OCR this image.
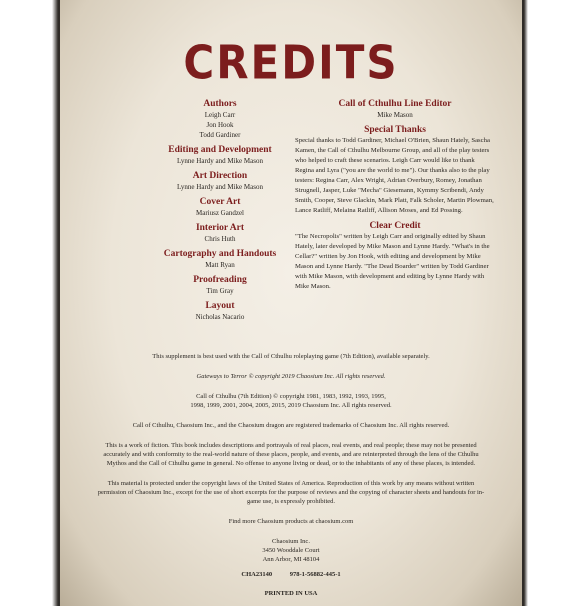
CREDITS
Authors
Leigh Carr
Jon Hook
Todd Gardiner
Editing and Development
Lynne Hardy and Mike Mason
Art Direction
Lynne Hardy and Mike Mason
Cover Art
Mariusz Gandzel
Interior Art
Chris Huth
Cartography and Handouts
Matt Ryan
Proofreading
Tim Gray
Layout
Nicholas Nacario
Call of Cthulhu Line Editor
Mike Mason
Special Thanks
Special thanks to Todd Gardiner, Michael O'Brien, Shaun Hately, Sascha Kamen, the Call of Cthulhu Melbourne Group, and all of the play testers who helped to craft these scenarios. Leigh Carr would like to thank Regina and Lyra ("you are the world to me"). Our thanks also to the play testers: Regina Carr, Alex Wright, Adrian Overbury, Romey, Jonathan Strugnell, Jasper, Luke "Mecha" Giesemann, Kymmy Scribendi, Andy Smith, Cooper, Steve Glackin, Mark Platt, Falk Scholer, Martin Plowman, Lance Ratliff, Melaina Ratliff, Allison Moses, and Ed Possing.
Clear Credit
"The Necropolis" written by Leigh Carr and originally edited by Shaun Hately, later developed by Mike Mason and Lynne Hardy. "What's in the Cellar?" written by Jon Hook, with editing and development by Mike Mason and Lynne Hardy. "The Dead Boarder" written by Todd Gardiner with Mike Mason, with development and editing by Lynne Hardy with Mike Mason.

This supplement is best used with the Call of Cthulhu roleplaying game (7th Edition), available separately.

Gateways to Terror © copyright 2019 Chaosium Inc. All rights reserved.

Call of Cthulhu (7th Edition) © copyright 1981, 1983, 1992, 1993, 1995,
1998, 1999, 2001, 2004, 2005, 2015, 2019 Chaosium Inc. All rights reserved.

Call of Cthulhu, Chaosium Inc., and the Chaosium dragon are registered trademarks of Chaosium Inc. All rights reserved.

This is a work of fiction. This book includes descriptions and portrayals of real places, real events, and real people; these may not be presented accurately and with conformity to the real-world nature of these places, people, and events, and are reinterpreted through the lens of the Cthulhu Mythos and the Call of Cthulhu game in general. No offense to anyone living or dead, or to the inhabitants of any of these places, is intended.

This material is protected under the copyright laws of the United States of America. Reproduction of this work by any means without written permission of Chaosium Inc., except for the use of short excerpts for the purpose of reviews and the copying of character sheets and handouts for in-game use, is expressly prohibited.

Find more Chaosium products at chaosium.com

Chaosium Inc.
3450 Wooddale Court
Ann Arbor, MI 48104
CHA23140	978-1-56882-445-1
PRINTED IN USA
